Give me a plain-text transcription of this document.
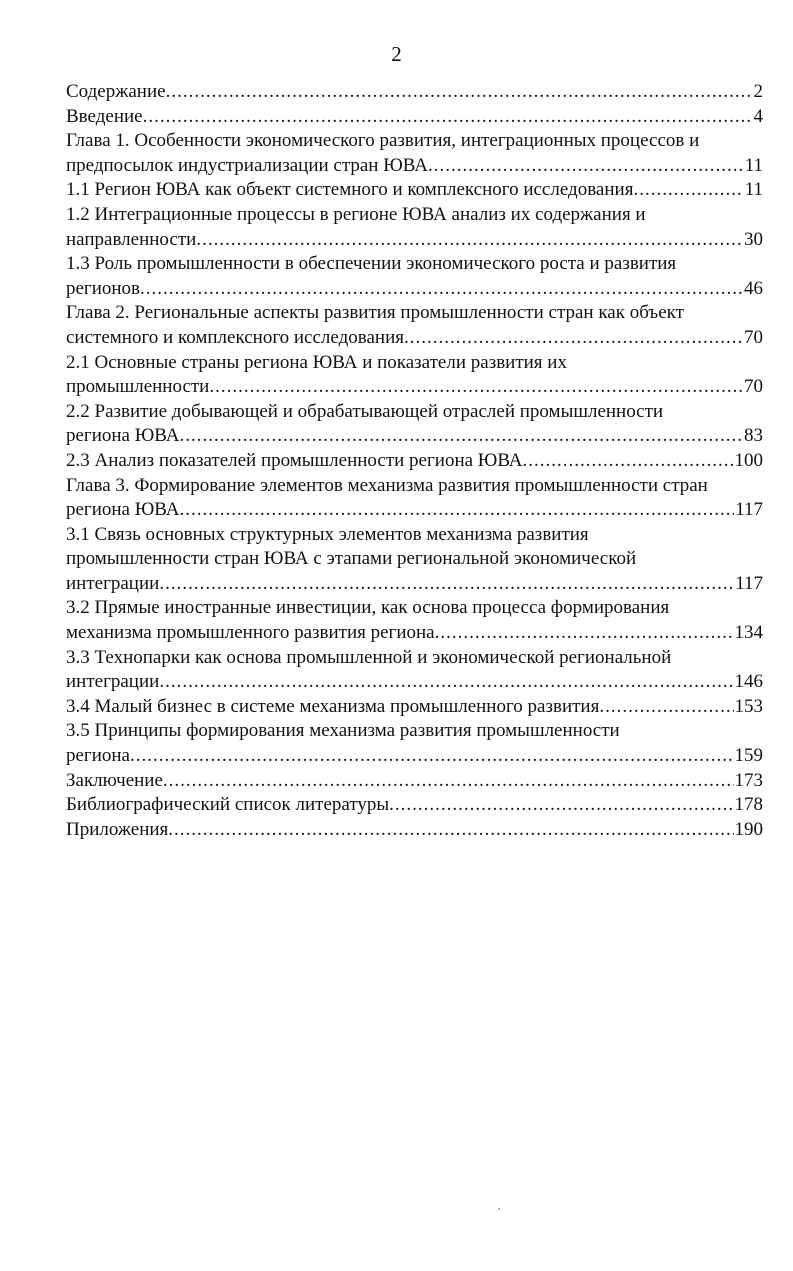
2
Содержание .....	2
Введение .....	4
Глава 1. Особенности экономического развития, интеграционных процессов и
предпосылок индустриализации стран ЮВА .....	11
1.1 Регион ЮВА как объект системного и комплексного исследования .....	11
1.2 Интеграционные процессы в регионе ЮВА анализ их содержания и
направленности .....	30
1.3 Роль промышленности в обеспечении экономического роста и развития
регионов .....	46
Глава 2. Региональные аспекты развития промышленности стран как объект
системного и комплексного исследования .....	70
2.1 Основные страны региона ЮВА и показатели развития их
промышленности .....	70
2.2 Развитие добывающей и обрабатывающей отраслей промышленности
региона ЮВА .....	83
2.3 Анализ показателей промышленности региона ЮВА .....	100
Глава 3. Формирование элементов механизма развития промышленности стран
региона ЮВА .....	117
3.1 Связь основных структурных элементов механизма развития
промышленности стран ЮВА с этапами региональной экономической
интеграции .....	117
3.2 Прямые иностранные инвестиции, как основа процесса формирования
механизма промышленного развития региона .....	134
3.3 Технопарки как основа промышленной и экономической региональной
интеграции .....	146
3.4 Малый бизнес в системе механизма промышленного развития .....	153
3.5 Принципы формирования механизма развития промышленности
региона .....	159
Заключение .....	173
Библиографический список литературы .....	178
Приложения .....	190
